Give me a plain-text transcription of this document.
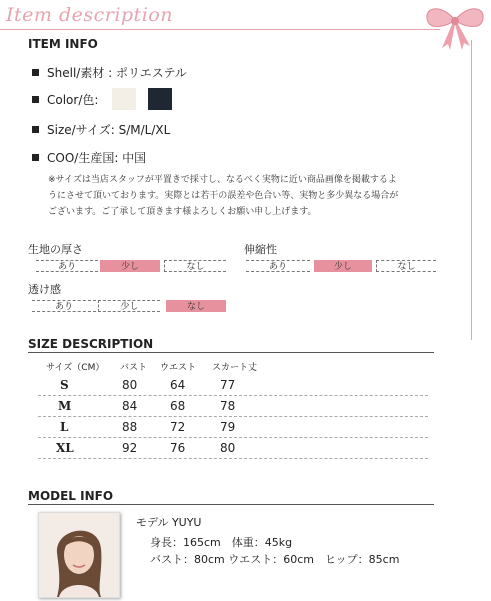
Item description
ITEM INFO
Shell/素材 : ポリエステル
Color/色:
Size/サイズ: S/M/L/XL
COO/生産国: 中国
※サイズは当店スタッフが平置きで採寸し、なるべく実物に近い商品画像を掲載するよ
うにさせて頂いております。実際とは若干の誤差や色合い等、実物と多少異なる場合が
ございます。ご了承して頂きます様よろしくお願い申し上げます。
生地の厚さ
あり	少し	なし
伸縮性
あり	少し	なし
透け感
あり	少し	なし
SIZE DESCRIPTION
サイズ（CM） バスト ウエスト スカート丈
S	80	64	77
M	84	68	78
L	88	72	79
XL	92	76	80
MODEL INFO
モデル YUYU
身長：165cm　体重：45kg
バスト：80cm ウエスト：60cm　ヒップ：85cm
